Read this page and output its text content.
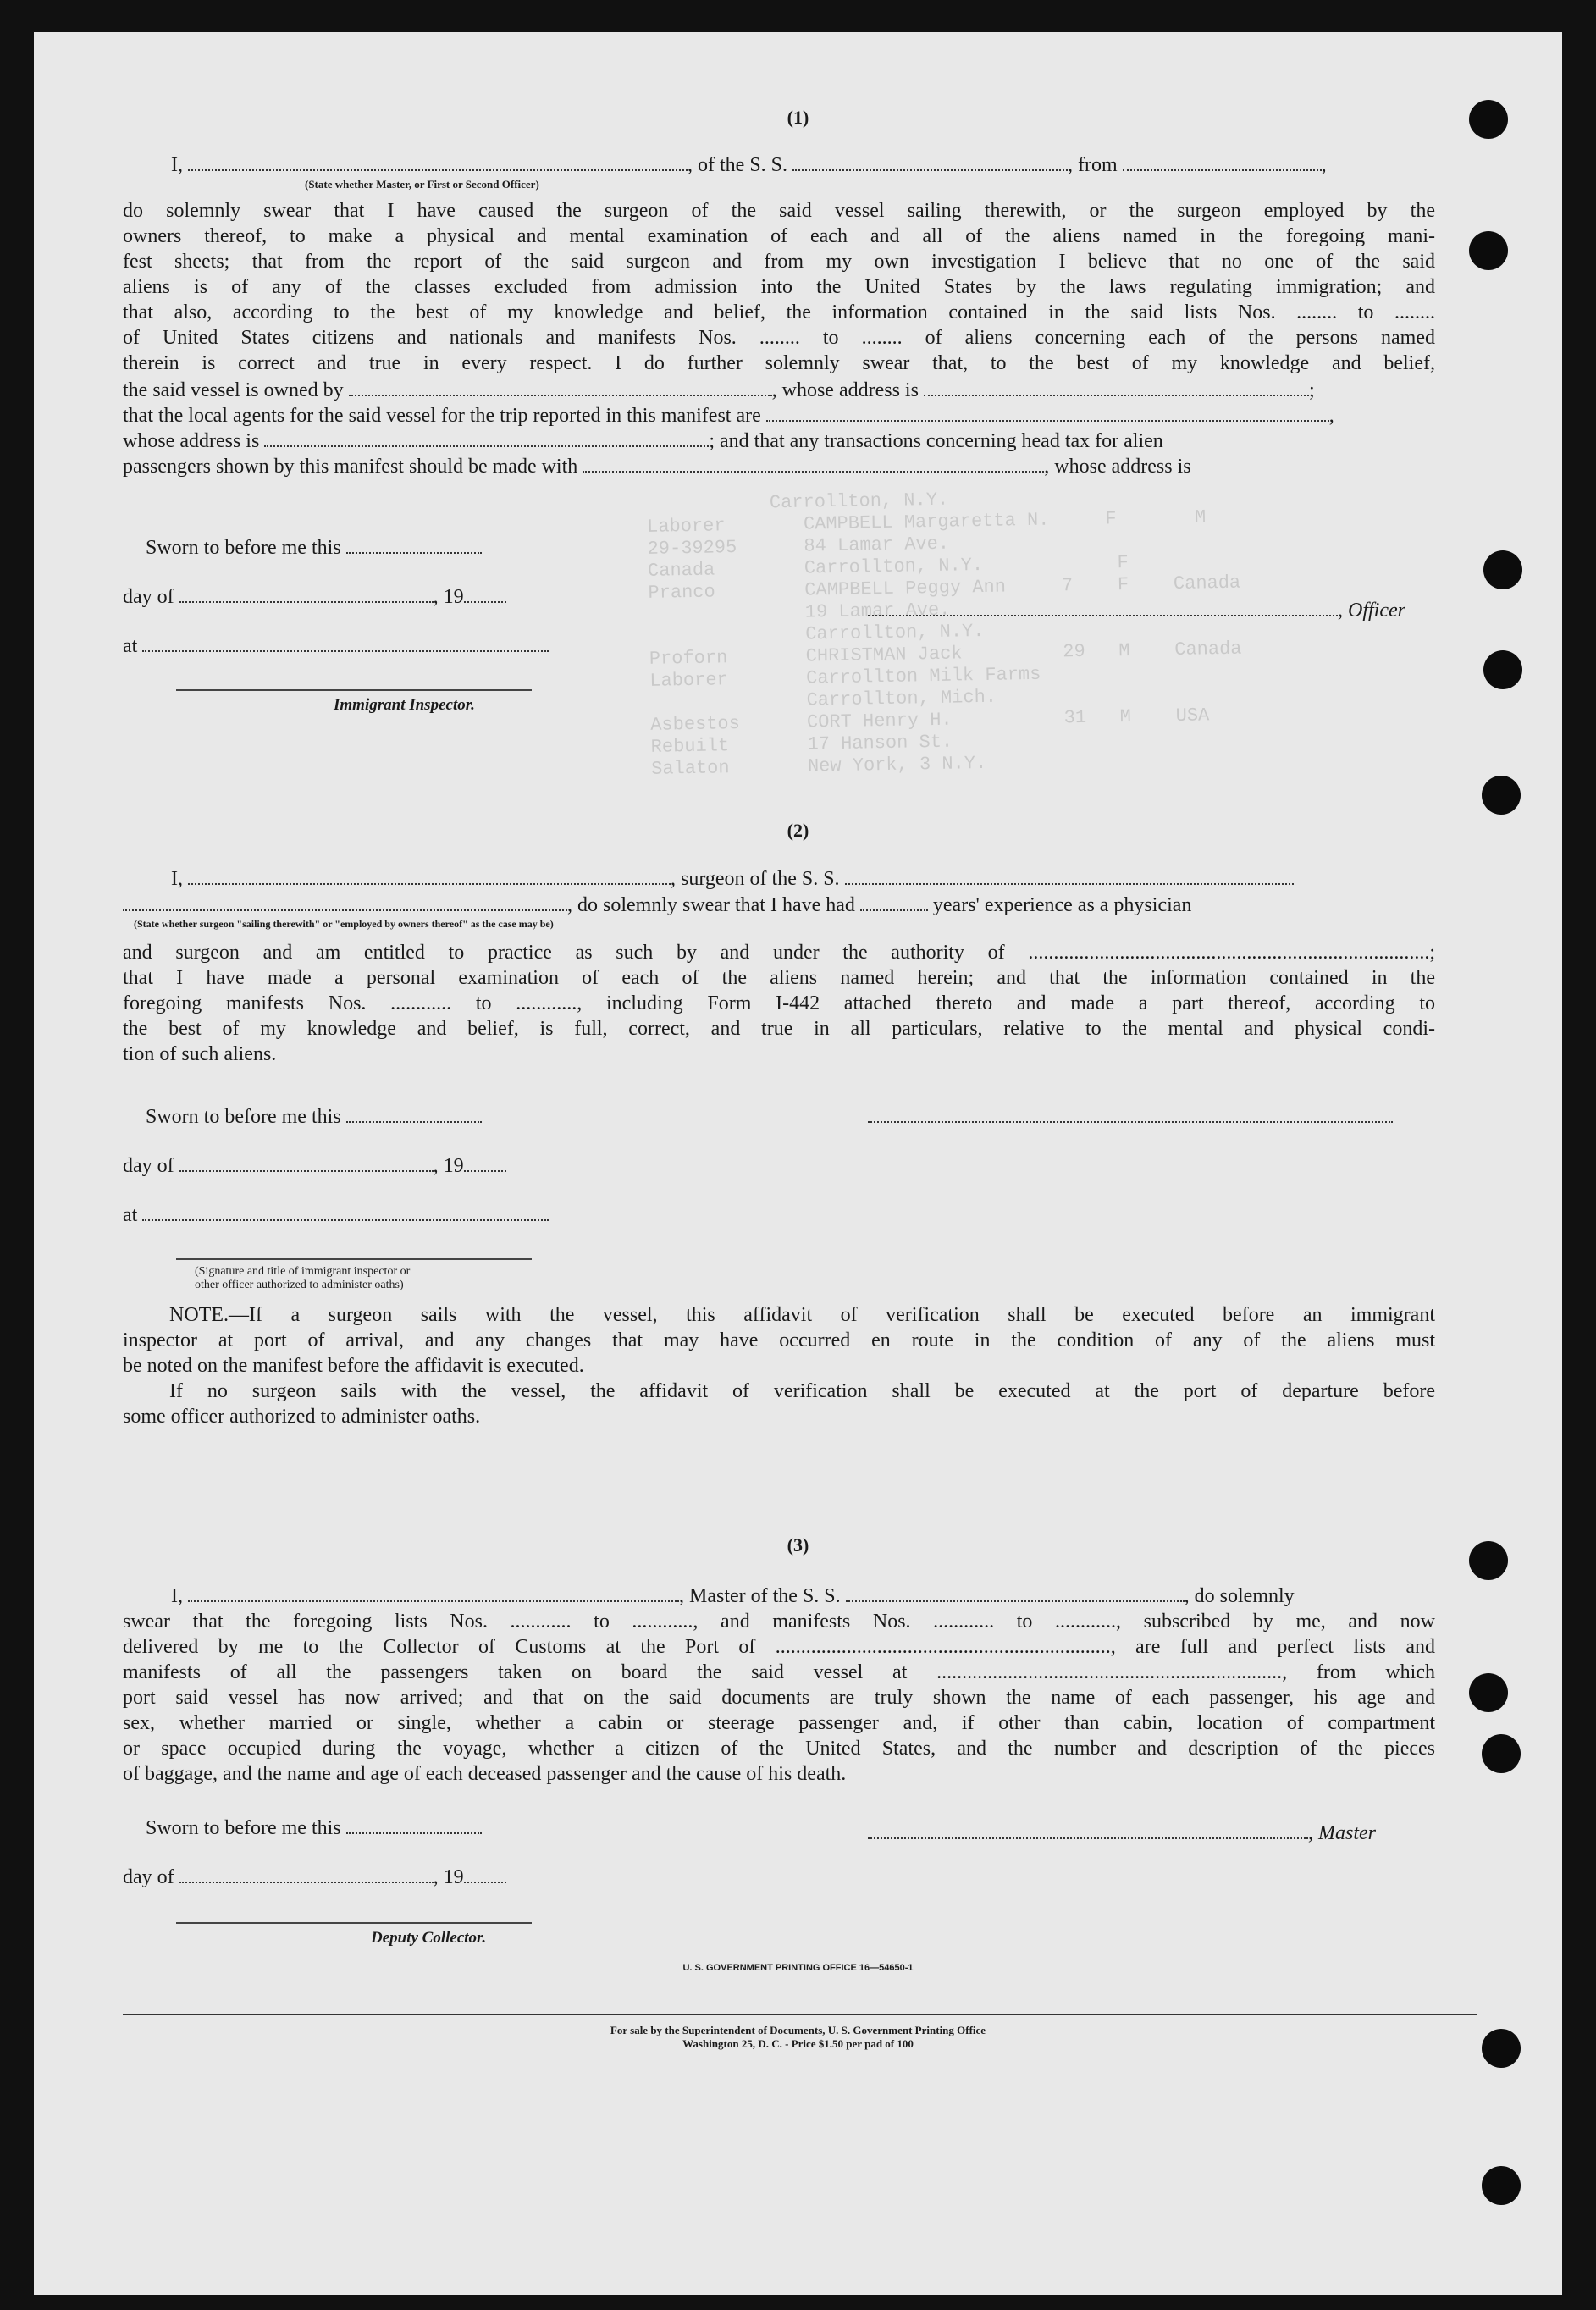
Carrollton, N.Y.
Laborer       CAMPBELL Margaretta N.     F       M
29-39295      84 Lamar Ave.
Canada        Carrollton, N.Y.            F
Pranco        CAMPBELL Peggy Ann     7    F    Canada
19 Lamar Ave.
Carrollton, N.Y.
Proforn       CHRISTMAN Jack         29   M    Canada
Laborer       Carrollton Milk Farms
Carrollton, Mich.
Asbestos      CORT Henry H.          31   M    USA
Rebuilt       17 Hanson St.
Salaton       New York, 3 N.Y.
(1)
I,	, of the S. S.	, from	,
(State whether Master, or First or Second Officer)
do solemnly swear that I have caused the surgeon of the said vessel sailing therewith, or the surgeon employed by the
owners thereof, to make a physical and mental examination of each and all of the aliens named in the foregoing mani-
fest sheets; that from the report of the said surgeon and from my own investigation I believe that no one of the said
aliens is of any of the classes excluded from admission into the United States by the laws regulating immigration; and
that also, according to the best of my knowledge and belief, the information contained in the said lists Nos. ........ to ........
of United States citizens and nationals and manifests Nos. ........ to ........ of aliens concerning each of the persons named
therein is correct and true in every respect. I do further solemnly swear that, to the best of my knowledge and belief,
the said vessel is owned by	, whose address is	;
that the local agents for the said vessel for the trip reported in this manifest are	,
whose address is	; and that any transactions concerning head tax for alien
passengers shown by this manifest should be made with	, whose address is
Sworn to before me this
day of	, 19
at
, Officer
Immigrant Inspector.
(2)
I,	, surgeon of the S. S.
, do solemnly swear that I have had	years' experience as a physician
(State whether surgeon "sailing therewith" or "employed by owners thereof" as the case may be)
and surgeon and am entitled to practice as such by and under the authority of ...............................................................................;
that I have made a personal examination of each of the aliens named herein; and that the information contained in the
foregoing manifests Nos. ............ to ............, including Form I-442 attached thereto and made a part thereof, according to
the best of my knowledge and belief, is full, correct, and true in all particulars, relative to the mental and physical condi-
tion of such aliens.
Sworn to before me this
day of	, 19
at
(Signature and title of immigrant inspector or
other officer authorized to administer oaths)
NOTE.—If a surgeon sails with the vessel, this affidavit of verification shall be executed before an immigrant
inspector at port of arrival, and any changes that may have occurred en route in the condition of any of the aliens must
be noted on the manifest before the affidavit is executed.
If no surgeon sails with the vessel, the affidavit of verification shall be executed at the port of departure before
some officer authorized to administer oaths.
(3)
I,	, Master of the S. S.	, do solemnly
swear that the foregoing lists Nos. ............ to ............, and manifests Nos. ............ to ............, subscribed by me, and now
delivered by me to the Collector of Customs at the Port of .................................................................., are full and perfect lists and
manifests of all the passengers taken on board the said vessel at ...................................................................., from which
port said vessel has now arrived; and that on the said documents are truly shown the name of each passenger, his age and
sex, whether married or single, whether a cabin or steerage passenger and, if other than cabin, location of compartment
or space occupied during the voyage, whether a citizen of the United States, and the number and description of the pieces
of baggage, and the name and age of each deceased passenger and the cause of his death.
Sworn to before me this	, Master
day of	, 19
Deputy Collector.
U. S. GOVERNMENT PRINTING OFFICE 16—54650-1
For sale by the Superintendent of Documents, U. S. Government Printing Office
Washington 25, D. C. - Price $1.50 per pad of 100
